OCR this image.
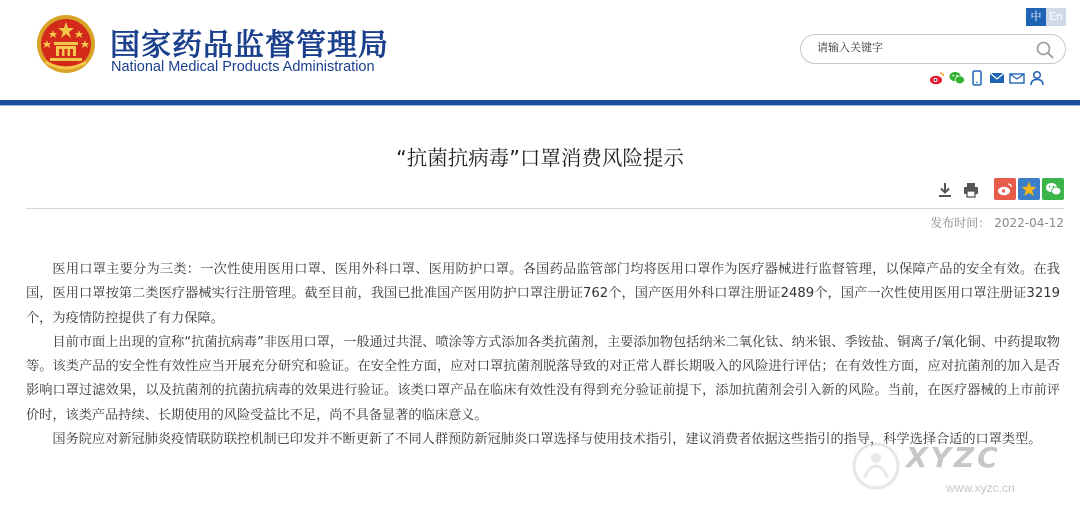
国家药品监督管理局
National Medical Products Administration
中 En
请输入关键字
“抗菌抗病毒”口罩消费风险提示
发布时间： 2022-04-12

医用口罩主要分为三类：一次性使用医用口罩、医用外科口罩、医用防护口罩。各国药品监管部门均将医用口罩作为医疗器械进行监督管理，以保障产品的安全有效。在我国，医用口罩按第二类医疗器械实行注册管理。截至目前，我国已批准国产医用防护口罩注册证762个，国产医用外科口罩注册证2489个，国产一次性使用医用口罩注册证3219个，为疫情防控提供了有力保障。

目前市面上出现的宣称“抗菌抗病毒”非医用口罩，一般通过共混、喷涂等方式添加各类抗菌剂，主要添加物包括纳米二氧化钛、纳米银、季铵盐、铜离子/氧化铜、中药提取物等。该类产品的安全性有效性应当开展充分研究和验证。在安全性方面，应对口罩抗菌剂脱落导致的对正常人群长期吸入的风险进行评估；在有效性方面，应对抗菌剂的加入是否影响口罩过滤效果，以及抗菌剂的抗菌抗病毒的效果进行验证。该类口罩产品在临床有效性没有得到充分验证前提下，添加抗菌剂会引入新的风险。当前，在医疗器械的上市前评价时，该类产品持续、长期使用的风险受益比不足，尚不具备显著的临床意义。

国务院应对新冠肺炎疫情联防联控机制已印发并不断更新了不同人群预防新冠肺炎口罩选择与使用技术指引，建议消费者依据这些指引的指导，科学选择合适的口罩类型。

XYZC
www.xyzc.cn
